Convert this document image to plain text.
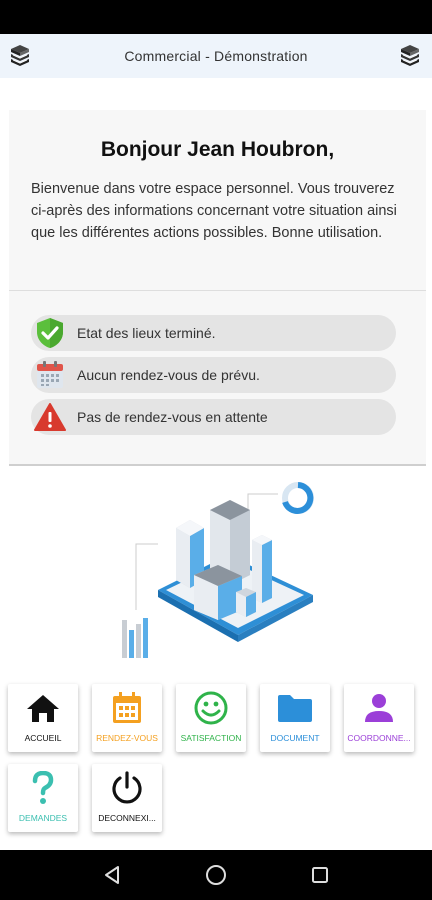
Commercial - Démonstration
Bonjour Jean Houbron,
Bienvenue dans votre espace personnel. Vous trouverez ci-après des informations concernant votre situation ainsi que les différentes actions possibles. Bonne utilisation.
Etat des lieux terminé.
Aucun rendez-vous de prévu.
Pas de rendez-vous en attente
ACCUEIL	RENDEZ-VOUS	SATISFACTION	DOCUMENT	COORDONNE...
DEMANDES	DECONNEXI...
